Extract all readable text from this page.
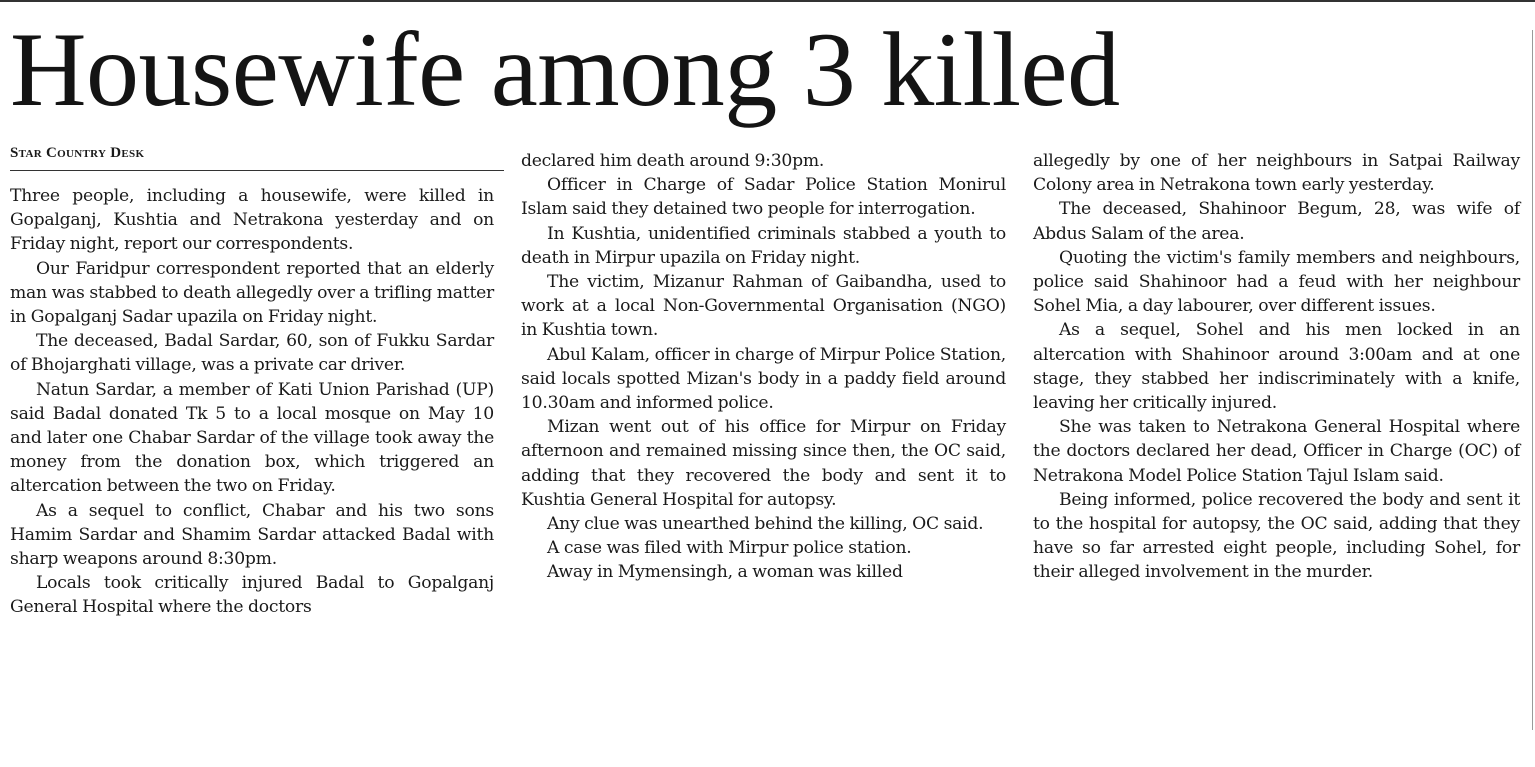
Housewife among 3 killed
Star Country Desk

Three people, including a housewife, were killed in Gopalganj, Kushtia and Netrakona yesterday and on Friday night, report our correspondents.

Our Faridpur correspondent reported that an elderly man was stabbed to death allegedly over a trifling matter in Gopalganj Sadar upazila on Friday night.

The deceased, Badal Sardar, 60, son of Fukku Sardar of Bhojarghati village, was a private car driver.

Natun Sardar, a member of Kati Union Parishad (UP) said Badal donated Tk 5 to a local mosque on May 10 and later one Chabar Sardar of the village took away the money from the donation box, which triggered an altercation between the two on Friday.

As a sequel to conflict, Chabar and his two sons Hamim Sardar and Shamim Sardar attacked Badal with sharp weapons around 8:30pm.

Locals took critically injured Badal to Gopalganj General Hospital where the doctors

declared him death around 9:30pm.

Officer in Charge of Sadar Police Station Monirul Islam said they detained two people for interrogation.

In Kushtia, unidentified criminals stabbed a youth to death in Mirpur upazila on Friday night.

The victim, Mizanur Rahman of Gaibandha, used to work at a local Non-Governmental Organisation (NGO) in Kushtia town.

Abul Kalam, officer in charge of Mirpur Police Station, said locals spotted Mizan's body in a paddy field around 10.30am and informed police.

Mizan went out of his office for Mirpur on Friday afternoon and remained missing since then, the OC said, adding that they recovered the body and sent it to Kushtia General Hospital for autopsy.

Any clue was unearthed behind the killing, OC said.

A case was filed with Mirpur police station.

Away in Mymensingh, a woman was killed

allegedly by one of her neighbours in Satpai Railway Colony area in Netrakona town early yesterday.

The deceased, Shahinoor Begum, 28, was wife of Abdus Salam of the area.

Quoting the victim's family members and neighbours, police said Shahinoor had a feud with her neighbour Sohel Mia, a day labourer, over different issues.

As a sequel, Sohel and his men locked in an altercation with Shahinoor around 3:00am and at one stage, they stabbed her indiscriminately with a knife, leaving her critically injured.

She was taken to Netrakona General Hospital where the doctors declared her dead, Officer in Charge (OC) of Netrakona Model Police Station Tajul Islam said.

Being informed, police recovered the body and sent it to the hospital for autopsy, the OC said, adding that they have so far arrested eight people, including Sohel, for their alleged involvement in the murder.
